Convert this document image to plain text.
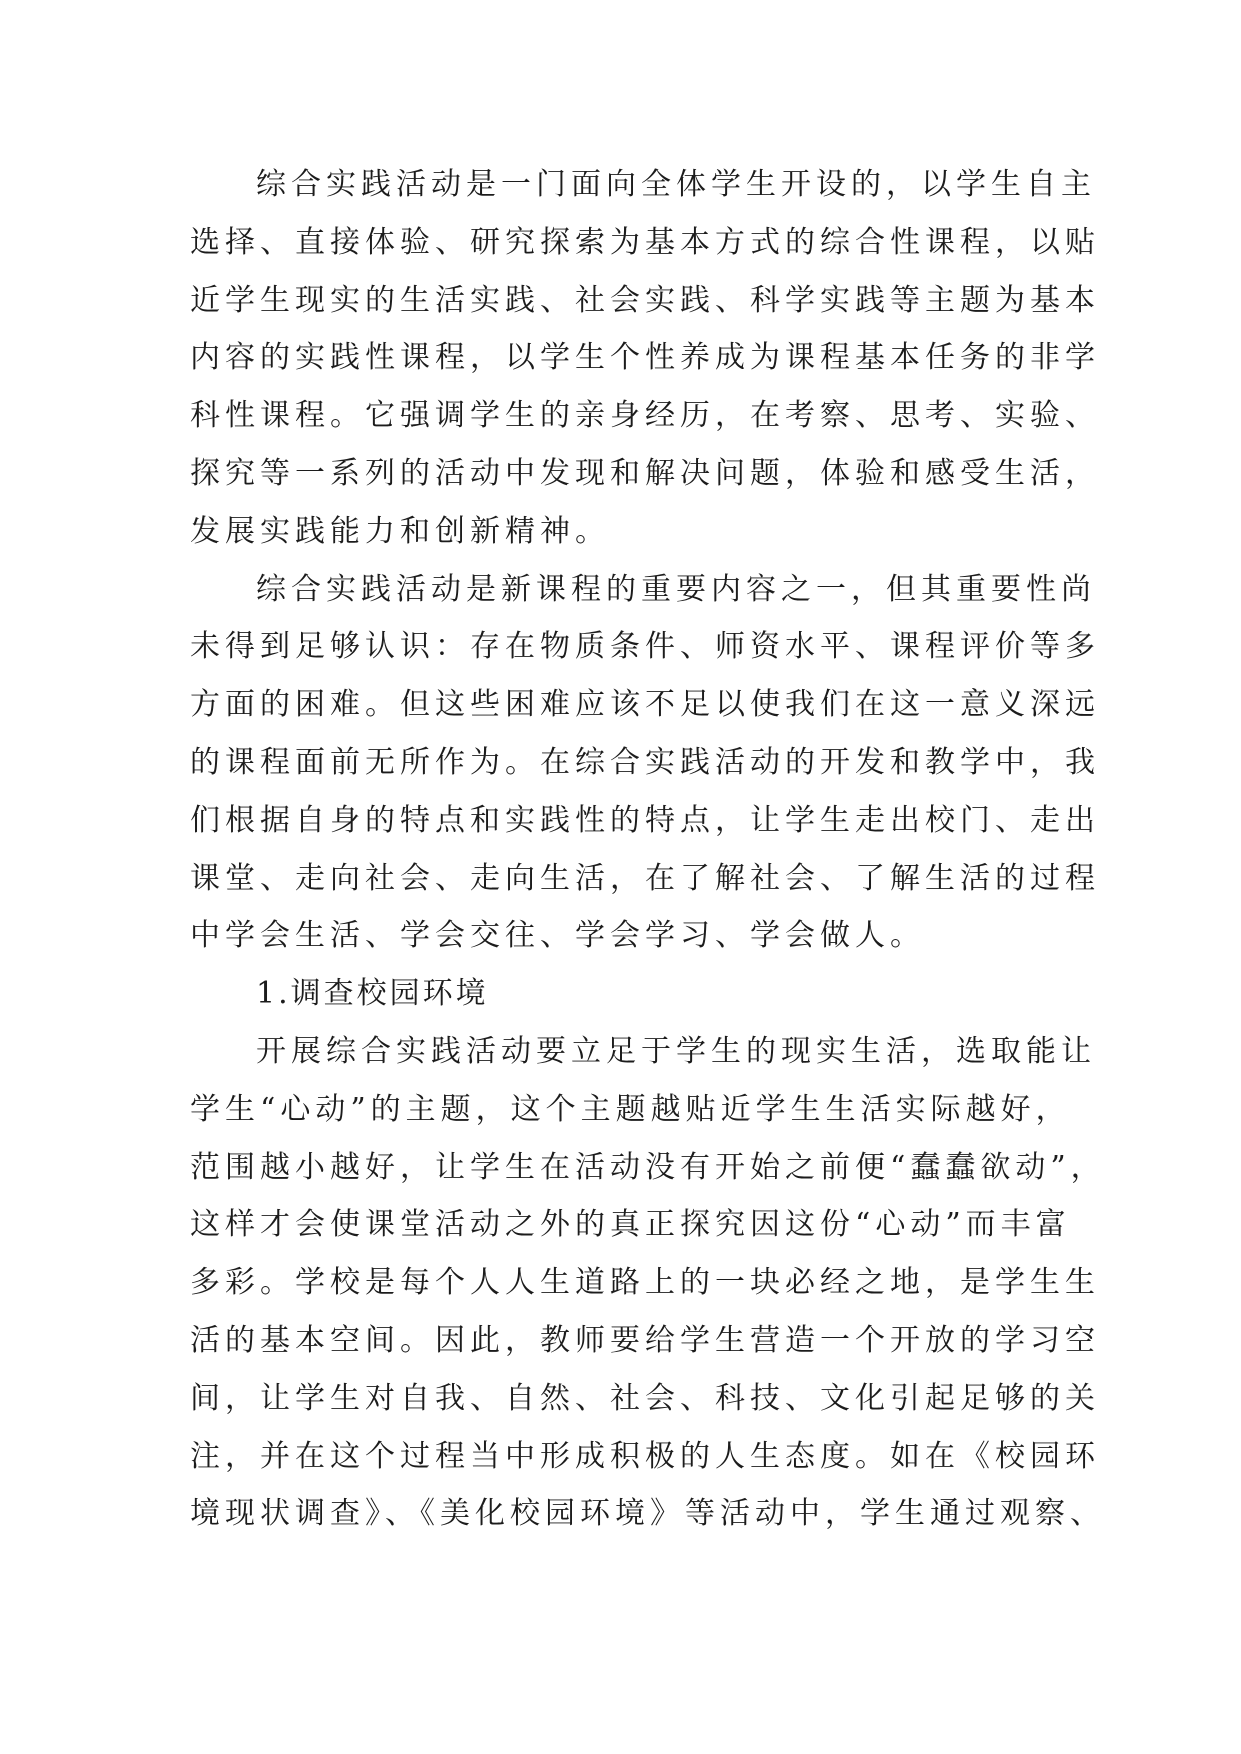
综合实践活动是一门面向全体学生开设的，以学生自主
选择、直接体验、研究探索为基本方式的综合性课程，以贴
近学生现实的生活实践、社会实践、科学实践等主题为基本
内容的实践性课程，以学生个性养成为课程基本任务的非学
科性课程。它强调学生的亲身经历，在考察、思考、实验、
探究等一系列的活动中发现和解决问题，体验和感受生活，
发展实践能力和创新精神。
综合实践活动是新课程的重要内容之一，但其重要性尚
未得到足够认识：存在物质条件、师资水平、课程评价等多
方面的困难。但这些困难应该不足以使我们在这一意义深远
的课程面前无所作为。在综合实践活动的开发和教学中，我
们根据自身的特点和实践性的特点，让学生走出校门、走出
课堂、走向社会、走向生活，在了解社会、了解生活的过程
中学会生活、学会交往、学会学习、学会做人。
1.调查校园环境
开展综合实践活动要立足于学生的现实生活，选取能让
学生“心动”的主题，这个主题越贴近学生生活实际越好，
范围越小越好，让学生在活动没有开始之前便“蠢蠢欲动”，
这样才会使课堂活动之外的真正探究因这份“心动”而丰富
多彩。学校是每个人人生道路上的一块必经之地，是学生生
活的基本空间。因此，教师要给学生营造一个开放的学习空
间，让学生对自我、自然、社会、科技、文化引起足够的关
注，并在这个过程当中形成积极的人生态度。如在《校园环
境现状调查》、《美化校园环境》等活动中，学生通过观察、
